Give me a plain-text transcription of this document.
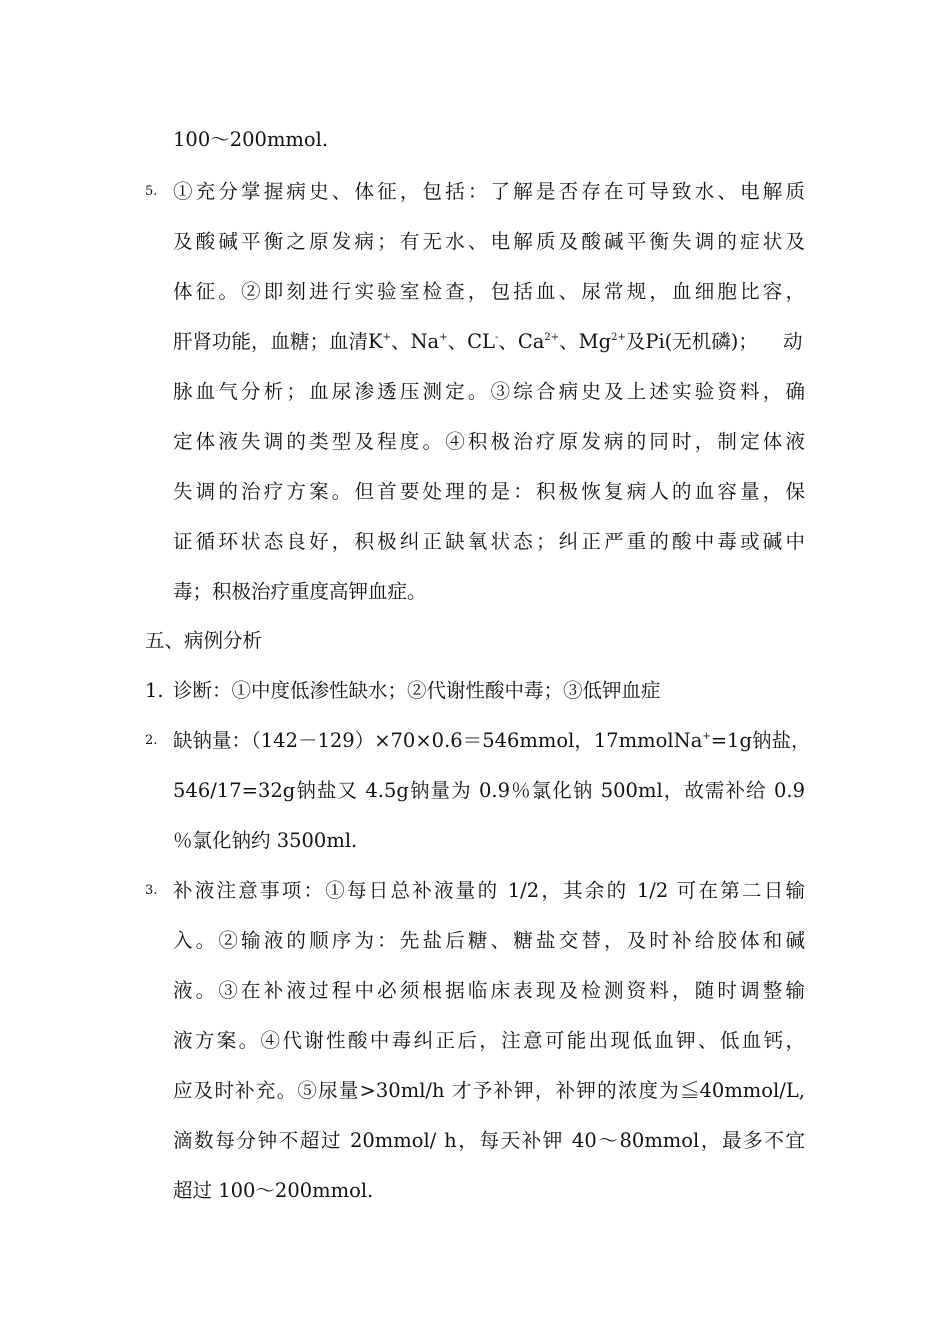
100～200mmol.
5. ①充分掌握病史、体征，包括：了解是否存在可导致水、电解质
及酸碱平衡之原发病；有无水、电解质及酸碱平衡失调的症状及
体征。②即刻进行实验室检查，包括血、尿常规，血细胞比容，
肝肾功能，血糖；血清K+、Na+、CL-、$Ca^{2+}$、$Mg^{2+}$及Pi(无机磷)； 动
脉血气分析；血尿渗透压测定。③综合病史及上述实验资料，确
定体液失调的类型及程度。④积极治疗原发病的同时，制定体液
失调的治疗方案。但首要处理的是：积极恢复病人的血容量，保
证循环状态良好，积极纠正缺氧状态；纠正严重的酸中毒或碱中
毒；积极治疗重度高钾血症。
五、病例分析
1. 诊断：①中度低渗性缺水；②代谢性酸中毒；③低钾血症
2. 缺钠量：（142－129）×70×0.6＝546mmol，17mmolNa+=1g钠盐，
546/17=32g钠盐又 4.5g钠量为 0.9％氯化钠 500ml，故需补给 0.9
％氯化钠约 3500ml.
3. 补液注意事项：①每日总补液量的 1/2，其余的 1/2 可在第二日输
入。②输液的顺序为：先盐后糖、糖盐交替，及时补给胶体和碱
液。③在补液过程中必须根据临床表现及检测资料，随时调整输
液方案。④代谢性酸中毒纠正后，注意可能出现低血钾、低血钙，
应及时补充。⑤尿量>30ml/h 才予补钾，补钾的浓度为≦40mmol/L,
滴数每分钟不超过 20mmol/ h，每天补钾 40～80mmol，最多不宜
超过 100～200mmol.
